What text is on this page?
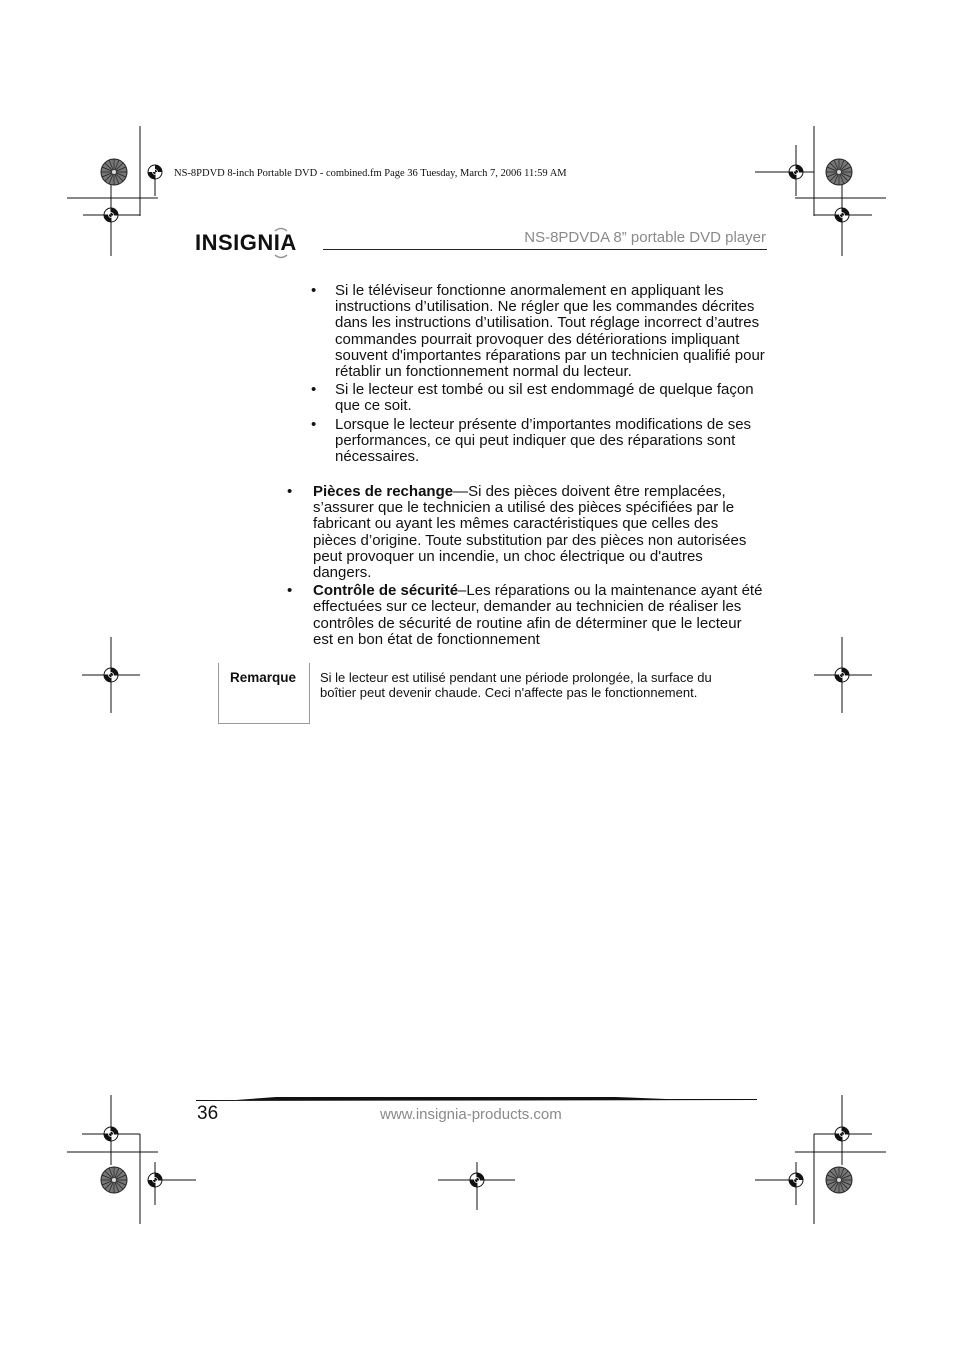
NS-8PDVD 8-inch Portable DVD - combined.fm Page 36 Tuesday, March 7, 2006 11:59 AM
INSIGNIA	NS-8PDVDA 8” portable DVD player
• Si le téléviseur fonctionne anormalement en appliquant les instructions d’utilisation. Ne régler que les commandes décrites dans les instructions d’utilisation. Tout réglage incorrect d’autres commandes pourrait provoquer des détériorations impliquant souvent d'importantes réparations par un technicien qualifié pour rétablir un fonctionnement normal du lecteur.
• Si le lecteur est tombé ou sil est endommagé de quelque façon que ce soit.
• Lorsque le lecteur présente d’importantes modifications de ses performances, ce qui peut indiquer que des réparations sont nécessaires.
• Pièces de rechange—Si des pièces doivent être remplacées, s’assurer que le technicien a utilisé des pièces spécifiées par le fabricant ou ayant les mêmes caractéristiques que celles des pièces d’origine. Toute substitution par des pièces non autorisées peut provoquer un incendie, un choc électrique ou d'autres dangers.
• Contrôle de sécurité–Les réparations ou la maintenance ayant été effectuées sur ce lecteur, demander au technicien de réaliser les contrôles de sécurité de routine afin de déterminer que le lecteur est en bon état de fonctionnement
Remarque Si le lecteur est utilisé pendant une période prolongée, la surface du boîtier peut devenir chaude. Ceci n'affecte pas le fonctionnement.
36	www.insignia-products.com
